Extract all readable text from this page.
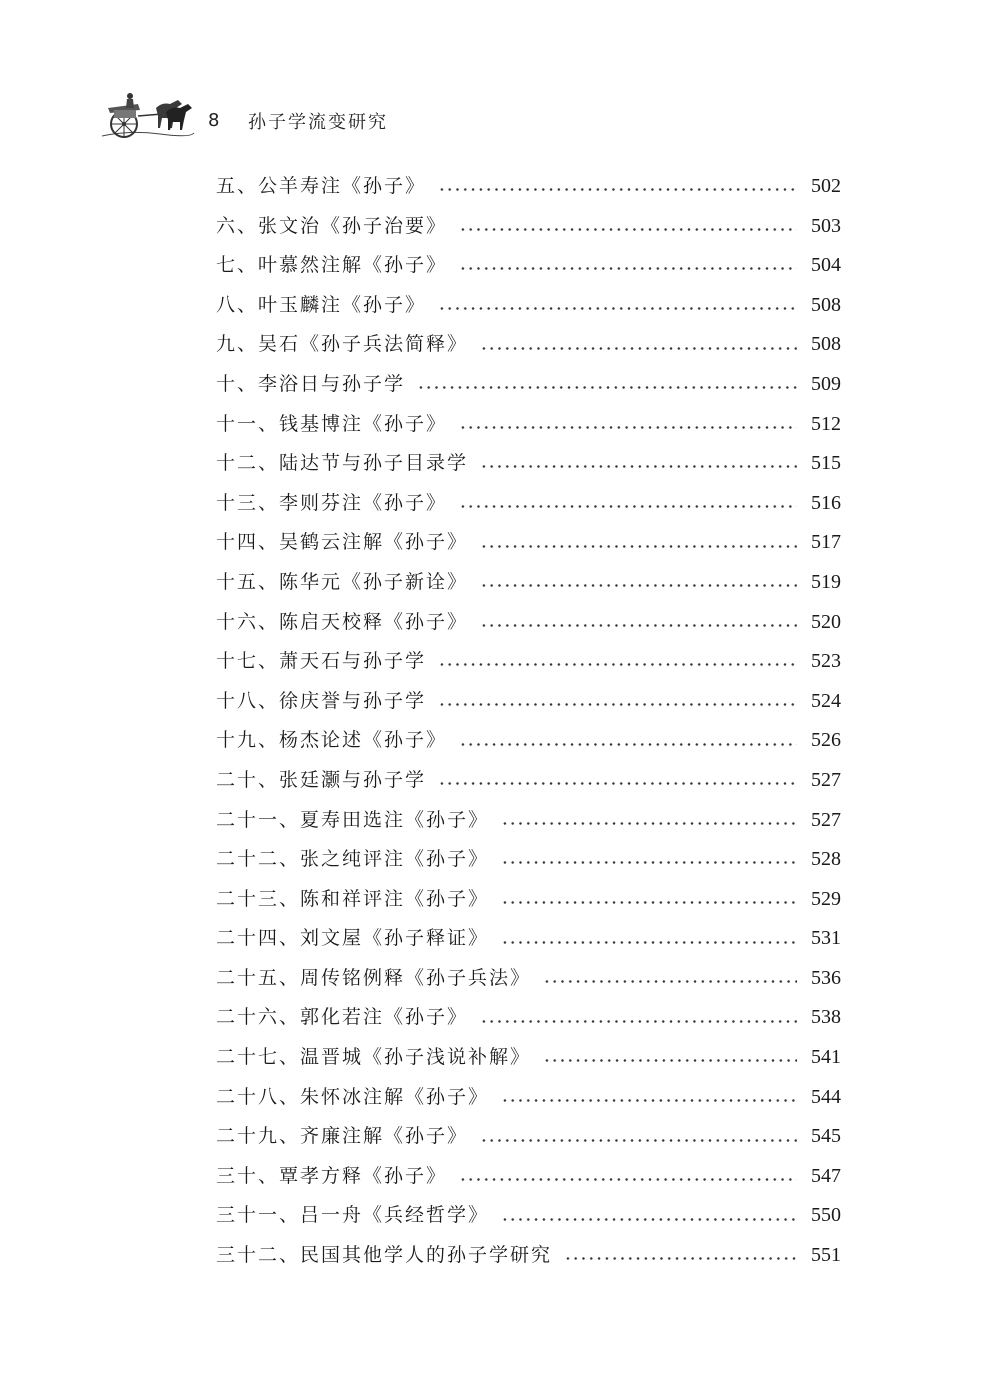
8 孙子学流变研究
五、公羊寿注《孙子》	502
六、张文治《孙子治要》	503
七、叶慕然注解《孙子》	504
八、叶玉麟注《孙子》	508
九、吴石《孙子兵法简释》	508
十、李浴日与孙子学	509
十一、钱基博注《孙子》	512
十二、陆达节与孙子目录学	515
十三、李则芬注《孙子》	516
十四、吴鹤云注解《孙子》	517
十五、陈华元《孙子新诠》	519
十六、陈启天校释《孙子》	520
十七、萧天石与孙子学	523
十八、徐庆誉与孙子学	524
十九、杨杰论述《孙子》	526
二十、张廷灏与孙子学	527
二十一、夏寿田选注《孙子》	527
二十二、张之纯评注《孙子》	528
二十三、陈和祥评注《孙子》	529
二十四、刘文屋《孙子释证》	531
二十五、周传铭例释《孙子兵法》	536
二十六、郭化若注《孙子》	538
二十七、温晋城《孙子浅说补解》	541
二十八、朱怀冰注解《孙子》	544
二十九、齐廉注解《孙子》	545
三十、覃孝方释《孙子》	547
三十一、吕一舟《兵经哲学》	550
三十二、民国其他学人的孙子学研究	551
